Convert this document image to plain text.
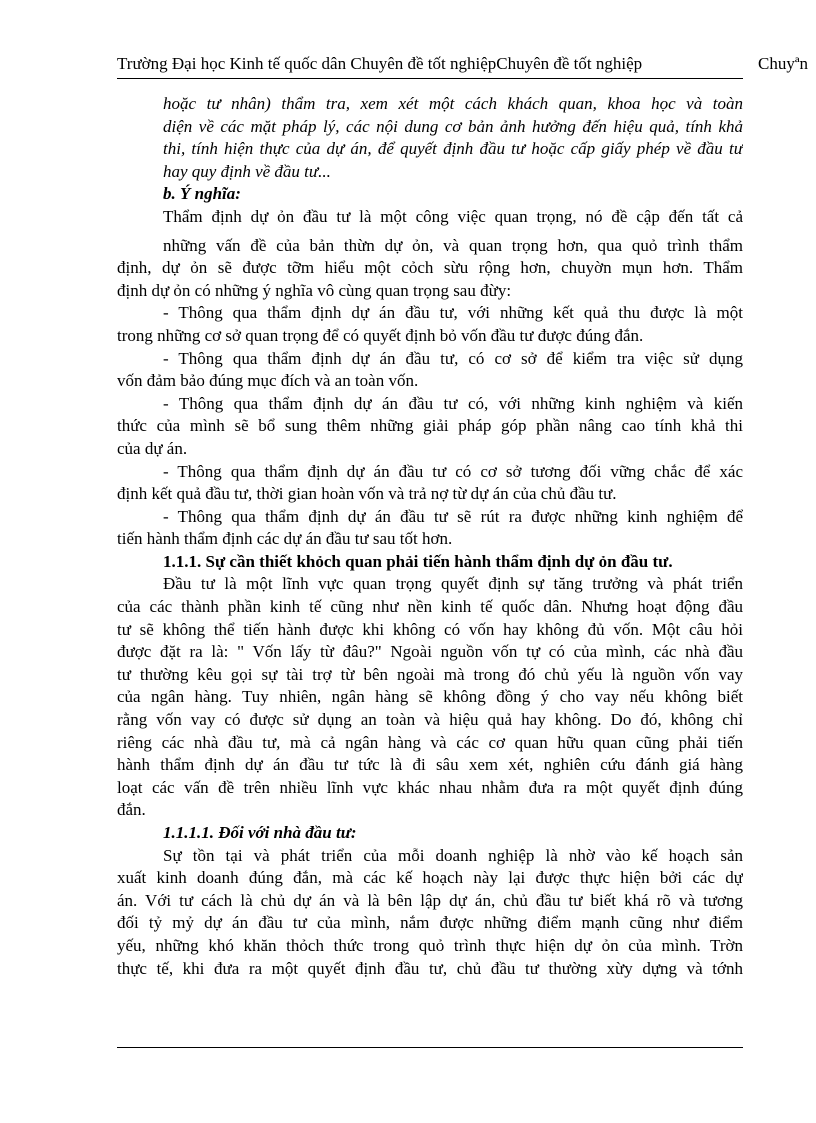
Trường Đại học Kinh tế quốc dân Chuyên đề tốt nghiệpChuyên đề tốt nghiệp	Chuyªn
hoặc tư nhân) thẩm tra, xem xét một cách khách quan, khoa học và toàn
diện về các mặt pháp lý, các nội dung cơ bản ảnh hưởng đến hiệu quả, tính khả
thi, tính hiện thực của dự án, để quyết định đầu tư hoặc cấp giấy phép về đầu tư
hay quy định về đầu tư...
b. Ý nghĩa:
Thẩm định dự ỏn đầu tư là một công việc quan trọng, nó đề cập đến tất cả
những vấn đề của bản thừn dự ỏn, và quan trọng hơn, qua quỏ trình thẩm
định, dự ỏn sẽ được tỡm hiểu một cỏch sừu rộng hơn, chuyờn mụn hơn. Thẩm
định dự ỏn có những ý nghĩa vô cùng quan trọng sau đừy:
- Thông qua thẩm định dự án đầu tư, với những kết quả thu được là một
trong những cơ sở quan trọng để có quyết định bỏ vốn đầu tư được đúng đắn.
- Thông qua thẩm định dự án đầu tư, có cơ sở để kiểm tra việc sử dụng
vốn đảm bảo đúng mục đích và an toàn vốn.
- Thông qua thẩm định dự án đầu tư có, với những kinh nghiệm và kiến
thức của mình sẽ bổ sung thêm những giải pháp góp phần nâng cao tính khả thi
của dự án.
- Thông qua thẩm định dự án đầu tư có cơ sở tương đối vững chắc để xác
định kết quả đầu tư, thời gian hoàn vốn và trả nợ từ dự án của chủ đầu tư.
- Thông qua thẩm định dự án đầu tư sẽ rút ra được những kinh nghiệm để
tiến hành thẩm định các dự án đầu tư sau tốt hơn.
1.1.1. Sự cần thiết khỏch quan phải tiến hành thẩm định dự ỏn đầu tư.
Đầu tư là một lĩnh vực quan trọng quyết định sự tăng trưởng và phát triển
của các thành phần kinh tế cũng như nền kinh tế quốc dân. Nhưng hoạt động đầu
tư sẽ không thể tiến hành được khi không có vốn hay không đủ vốn. Một câu hỏi
được đặt ra là: " Vốn lấy từ đâu?" Ngoài nguồn vốn tự có của mình, các nhà đầu
tư thường kêu gọi sự tài trợ từ bên ngoài mà trong đó chủ yếu là nguồn vốn vay
của ngân hàng. Tuy nhiên, ngân hàng sẽ không đồng ý cho vay nếu không biết
rằng vốn vay có được sử dụng an toàn và hiệu quả hay không. Do đó, không chỉ
riêng các nhà đầu tư, mà cả ngân hàng và các cơ quan hữu quan cũng phải tiến
hành thẩm định dự án đầu tư tức là đi sâu xem xét, nghiên cứu đánh giá hàng
loạt các vấn đề trên nhiều lĩnh vực khác nhau nhằm đưa ra một quyết định đúng
đắn.
1.1.1.1. Đối với nhà đầu tư:
Sự tồn tại và phát triển của mỗi doanh nghiệp là nhờ vào kế hoạch sản
xuất kinh doanh đúng đắn, mà các kế hoạch này lại được thực hiện bởi các dự
án. Với tư cách là chủ dự án và là bên lập dự án, chủ đầu tư biết khá rõ và tương
đối tỷ mỷ dự án đầu tư của mình, nắm được những điểm mạnh cũng như điểm
yếu, những khó khăn thỏch thức trong quỏ trình thực hiện dự ỏn của mình. Trờn
thực tế, khi đưa ra một quyết định đầu tư, chủ đầu tư thường xừy dựng và tớnh
